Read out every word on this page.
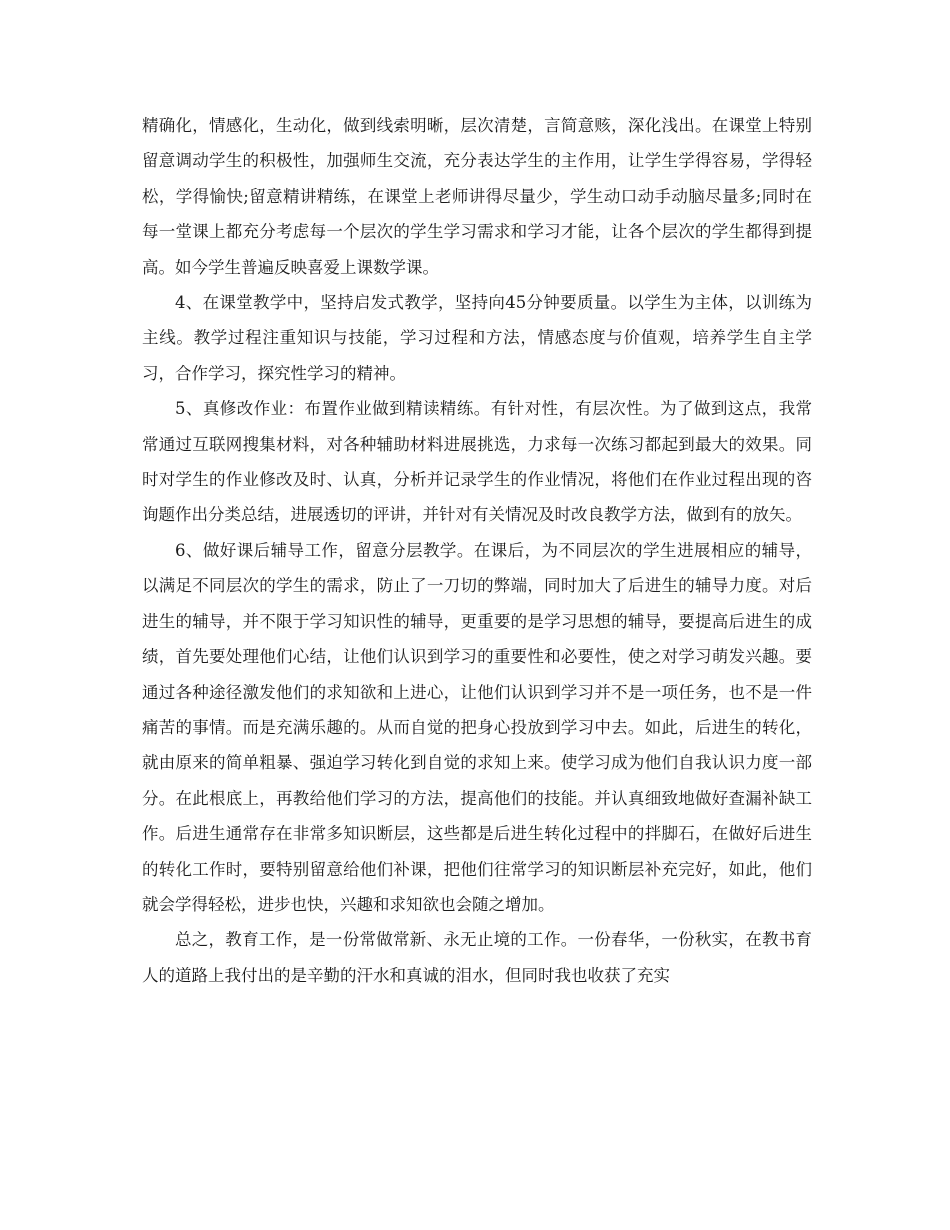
精确化，情感化，生动化，做到线索明晰，层次清楚，言简意赅，深化浅出。在课堂上特别留意调动学生的积极性，加强师生交流，充分表达学生的主作用，让学生学得容易，学得轻松，学得愉快;留意精讲精练，在课堂上老师讲得尽量少，学生动口动手动脑尽量多;同时在每一堂课上都充分考虑每一个层次的学生学习需求和学习才能，让各个层次的学生都得到提高。如今学生普遍反映喜爱上课数学课。

4、在课堂教学中，坚持启发式教学，坚持向45分钟要质量。以学生为主体，以训练为主线。教学过程注重知识与技能，学习过程和方法，情感态度与价值观，培养学生自主学习，合作学习，探究性学习的精神。

5、真修改作业：布置作业做到精读精练。有针对性，有层次性。为了做到这点，我常常通过互联网搜集材料，对各种辅助材料进展挑选，力求每一次练习都起到最大的效果。同时对学生的作业修改及时、认真，分析并记录学生的作业情况，将他们在作业过程出现的咨询题作出分类总结，进展透切的评讲，并针对有关情况及时改良教学方法，做到有的放矢。

6、做好课后辅导工作，留意分层教学。在课后，为不同层次的学生进展相应的辅导，以满足不同层次的学生的需求，防止了一刀切的弊端，同时加大了后进生的辅导力度。对后进生的辅导，并不限于学习知识性的辅导，更重要的是学习思想的辅导，要提高后进生的成绩，首先要处理他们心结，让他们认识到学习的重要性和必要性，使之对学习萌发兴趣。要通过各种途径激发他们的求知欲和上进心，让他们认识到学习并不是一项任务，也不是一件痛苦的事情。而是充满乐趣的。从而自觉的把身心投放到学习中去。如此，后进生的转化，就由原来的简单粗暴、强迫学习转化到自觉的求知上来。使学习成为他们自我认识力度一部分。在此根底上，再教给他们学习的方法，提高他们的技能。并认真细致地做好查漏补缺工作。后进生通常存在非常多知识断层，这些都是后进生转化过程中的拌脚石，在做好后进生的转化工作时，要特别留意给他们补课，把他们往常学习的知识断层补充完好，如此，他们就会学得轻松，进步也快，兴趣和求知欲也会随之增加。

总之，教育工作，是一份常做常新、永无止境的工作。一份春华，一份秋实，在教书育人的道路上我付出的是辛勤的汗水和真诚的泪水，但同时我也收获了充实
